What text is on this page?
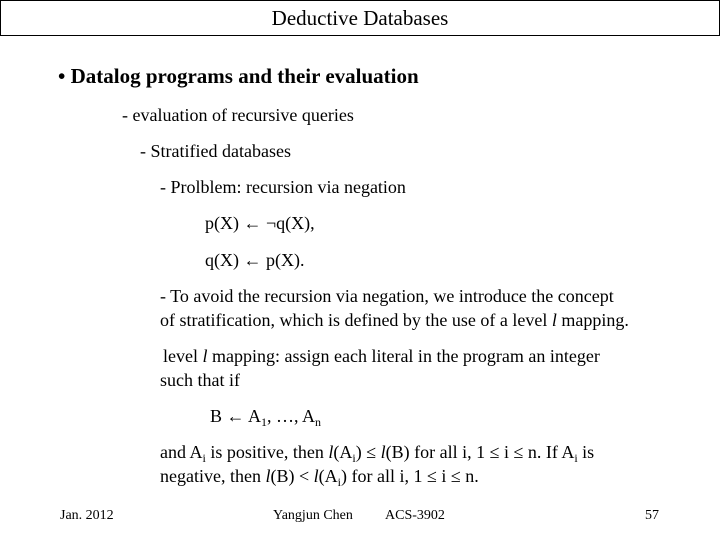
Deductive Databases
• Datalog programs and their evaluation
- evaluation of recursive queries
- Stratified databases
- Prolblem: recursion via negation
p(X) ← ¬q(X),
q(X) ← p(X).
- To avoid the recursion via negation, we introduce the concept
of stratification, which is defined by the use of a level l mapping.
level l mapping: assign each literal in the program an integer
such that if
B ← $A_1$, …, $A_n$
and $A_i$ is positive, then $l(A_i) \le l(B)$ for all i, 1 ≤ i ≤ n. If $A_i$ is
negative, then $l(B) < l(A_i)$ for all i, 1 ≤ i ≤ n.
Jan. 2012	Yangjun Chen ACS-3902	57
